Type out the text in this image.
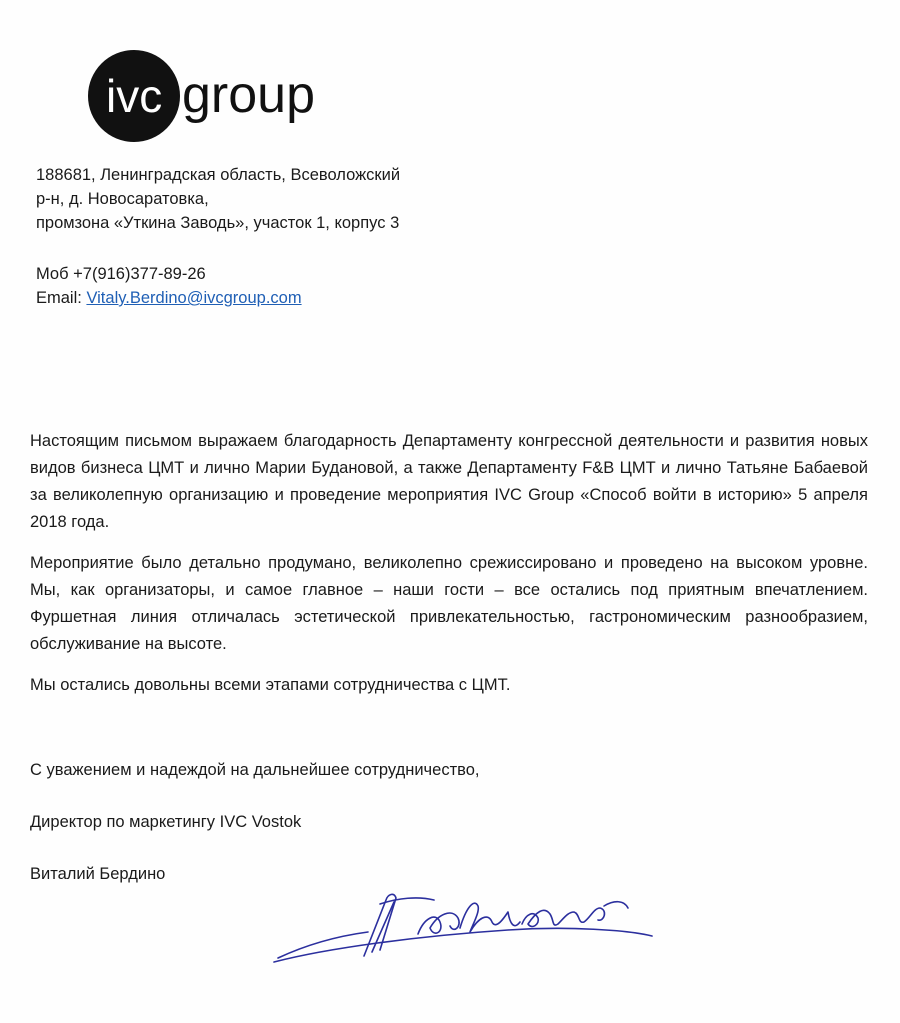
ivc group
188681, Ленинградская область, Всеволожский
р-н, д. Новосаратовка,
промзона «Уткина Заводь», участок 1, корпус 3
Моб +7(916)377-89-26
Email: Vitaly.Berdino@ivcgroup.com

Настоящим письмом выражаем благодарность Департаменту конгрессной деятельности и развития новых видов бизнеса ЦМТ и лично Марии Будановой, а также Департаменту F&B ЦМТ и лично Татьяне Бабаевой за великолепную организацию и проведение мероприятия IVC Group «Способ войти в историю» 5 апреля 2018 года.

Мероприятие было детально продумано, великолепно срежиссировано и проведено на высоком уровне. Мы, как организаторы, и самое главное – наши гости – все остались под приятным впечатлением. Фуршетная линия отличалась эстетической привлекательностью, гастрономическим разнообразием, обслуживание на высоте.

Мы остались довольны всеми этапами сотрудничества с ЦМТ.

С уважением и надеждой на дальнейшее сотрудничество,
Директор по маркетингу IVC Vostok
Виталий Бердино
